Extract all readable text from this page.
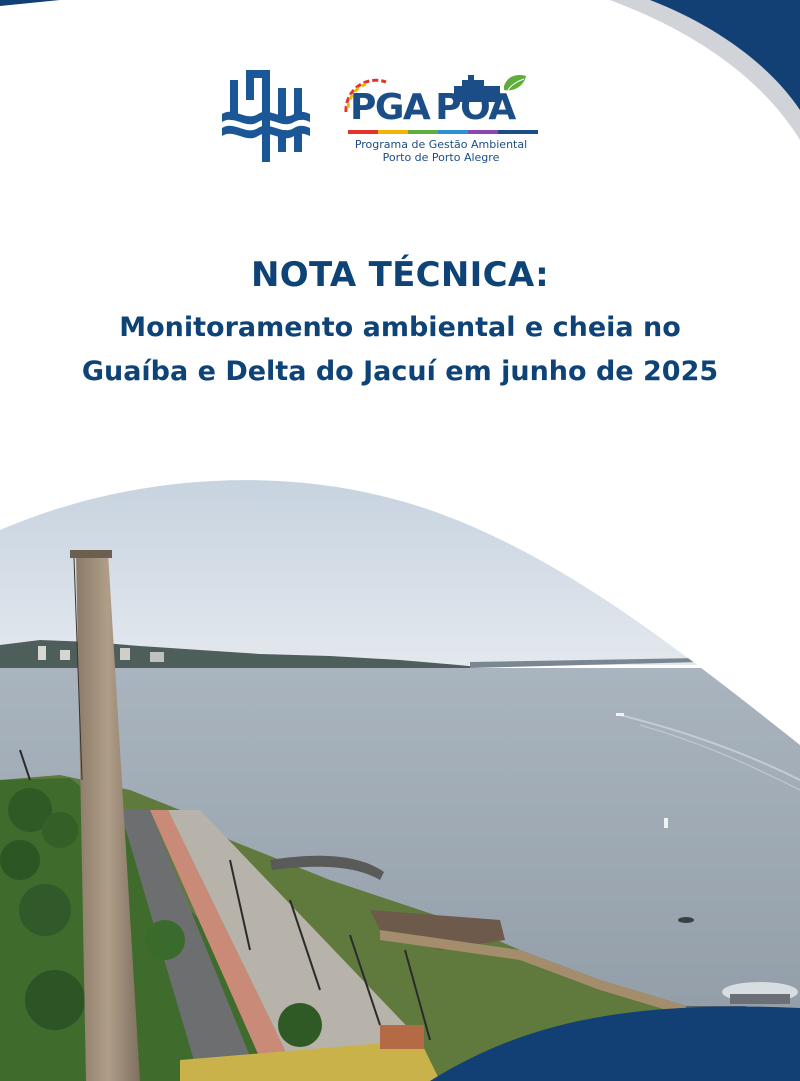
PGA POA
Programa de Gestão Ambiental
Porto de Porto Alegre
NOTA TÉCNICA:
Monitoramento ambiental e cheia no
Guaíba e Delta do Jacuí em junho de 2025
